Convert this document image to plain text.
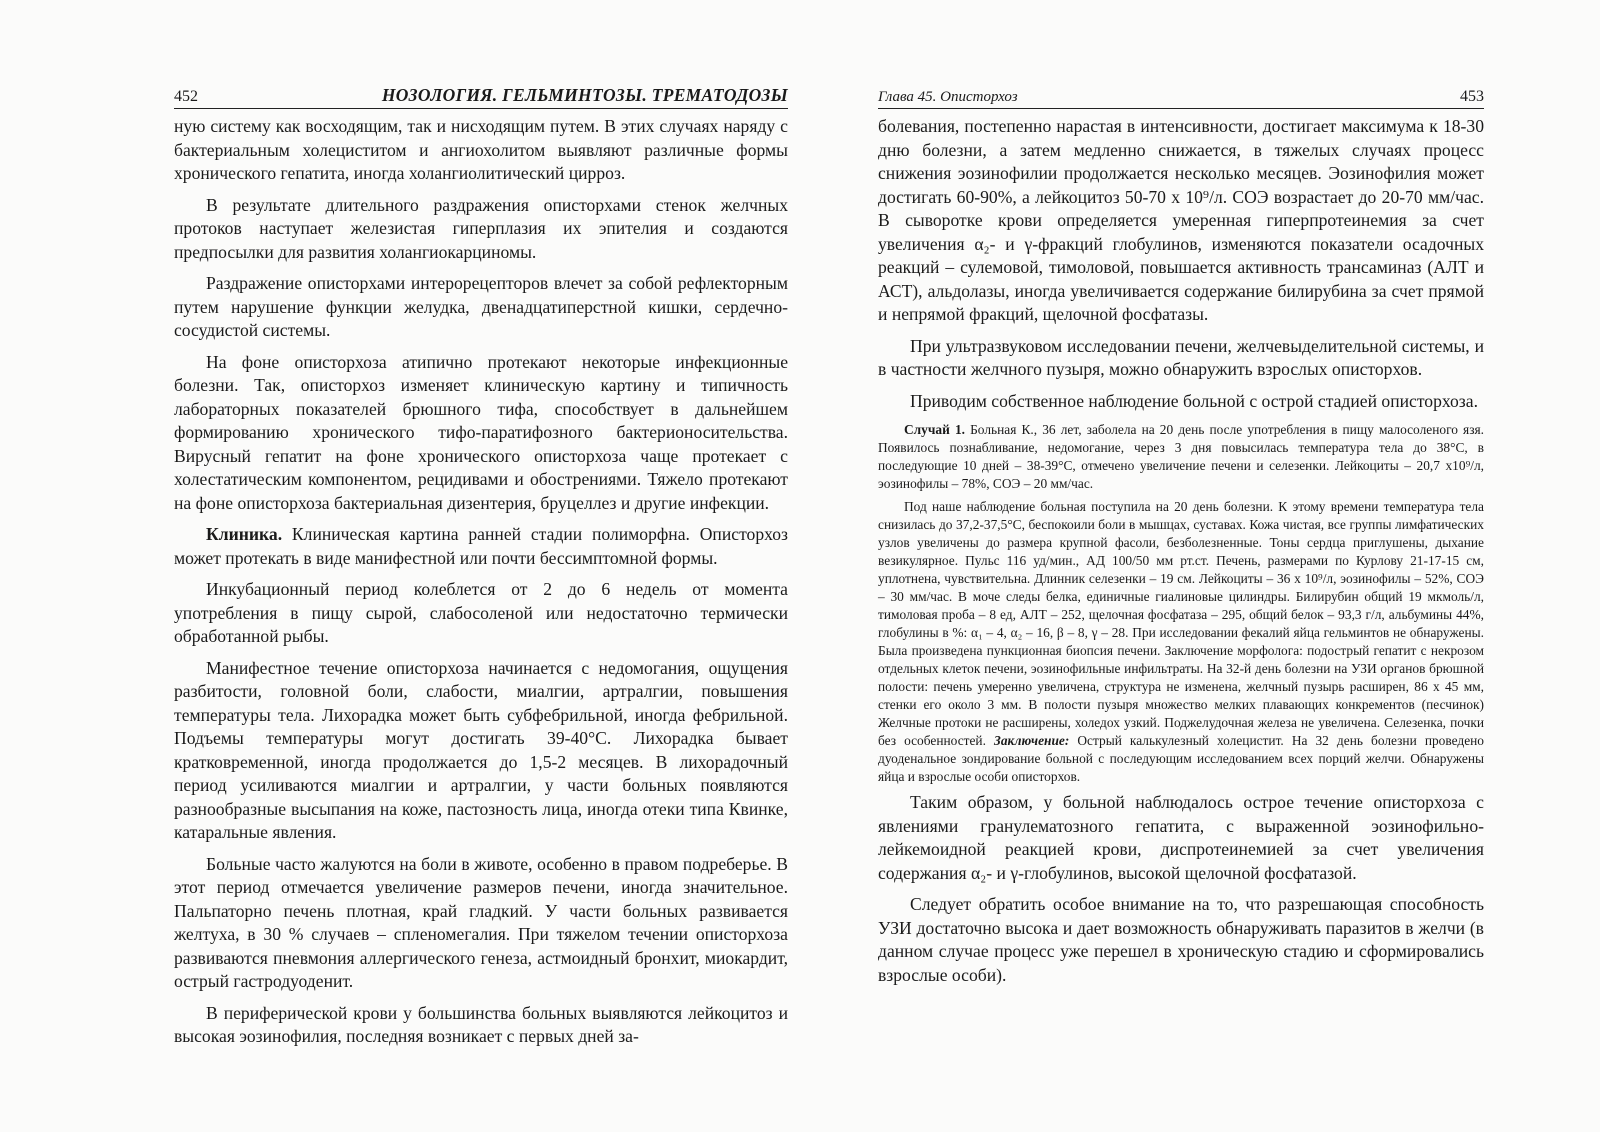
452	НОЗОЛОГИЯ. ГЕЛЬМИНТОЗЫ. ТРЕМАТОДОЗЫ

ную систему как восходящим, так и нисходящим путем. В этих случаях наряду с бактериальным холециститом и ангиохолитом выявляют различные формы хронического гепатита, иногда холангиолитический цирроз.

В результате длительного раздражения описторхами стенок желчных протоков наступает железистая гиперплазия их эпителия и создаются предпосылки для развития холангиокарциномы.

Раздражение описторхами интерорецепторов влечет за собой рефлекторным путем нарушение функции желудка, двенадцатиперстной кишки, сердечно-сосудистой системы.

На фоне описторхоза атипично протекают некоторые инфекционные болезни. Так, описторхоз изменяет клиническую картину и типичность лабораторных показателей брюшного тифа, способствует в дальнейшем формированию хронического тифо-паратифозного бактерионосительства. Вирусный гепатит на фоне хронического описторхоза чаще протекает с холестатическим компонентом, рецидивами и обострениями. Тяжело протекают на фоне описторхоза бактериальная дизентерия, бруцеллез и другие инфекции.

Клиника. Клиническая картина ранней стадии полиморфна. Описторхоз может протекать в виде манифестной или почти бессимптомной формы.

Инкубационный период колеблется от 2 до 6 недель от момента употребления в пищу сырой, слабосоленой или недостаточно термически обработанной рыбы.

Манифестное течение описторхоза начинается с недомогания, ощущения разбитости, головной боли, слабости, миалгии, артралгии, повышения температуры тела. Лихорадка может быть субфебрильной, иногда фебрильной. Подъемы температуры могут достигать 39-40°С. Лихорадка бывает кратковременной, иногда продолжается до 1,5-2 месяцев. В лихорадочный период усиливаются миалгии и артралгии, у части больных появляются разнообразные высыпания на коже, пастозность лица, иногда отеки типа Квинке, катаральные явления.

Больные часто жалуются на боли в животе, особенно в правом подреберье. В этот период отмечается увеличение размеров печени, иногда значительное. Пальпаторно печень плотная, край гладкий. У части больных развивается желтуха, в 30 % случаев – спленомегалия. При тяжелом течении описторхоза развиваются пневмония аллергического генеза, астмоидный бронхит, миокардит, острый гастродуоденит.

В периферической крови у большинства больных выявляются лейкоцитоз и высокая эозинофилия, последняя возникает с первых дней за-

Глава 45. Описторхоз	453

болевания, постепенно нарастая в интенсивности, достигает максимума к 18-30 дню болезни, а затем медленно снижается, в тяжелых случаях процесс снижения эозинофилии продолжается несколько месяцев. Эозинофилия может достигать 60-90%, а лейкоцитоз 50-70 х 10⁹/л. СОЭ возрастает до 20-70 мм/час. В сыворотке крови определяется умеренная гиперпротеинемия за счет увеличения α₂- и γ-фракций глобулинов, изменяются показатели осадочных реакций – сулемовой, тимоловой, повышается активность трансаминаз (АЛТ и АСТ), альдолазы, иногда увеличивается содержание билирубина за счет прямой и непрямой фракций, щелочной фосфатазы.

При ультразвуковом исследовании печени, желчевыделительной системы, и в частности желчного пузыря, можно обнаружить взрослых описторхов.

Приводим собственное наблюдение больной с острой стадией описторхоза.

Случай 1. Больная К., 36 лет, заболела на 20 день после употребления в пищу малосоленого язя. Появилось познабливание, недомогание, через 3 дня повысилась температура тела до 38°С, в последующие 10 дней – 38-39°С, отмечено увеличение печени и селезенки. Лейкоциты – 20,7 х10⁹/л, эозинофилы – 78%, СОЭ – 20 мм/час.

Под наше наблюдение больная поступила на 20 день болезни. К этому времени температура тела снизилась до 37,2-37,5°С, беспокоили боли в мышцах, суставах. Кожа чистая, все группы лимфатических узлов увеличены до размера крупной фасоли, безболезненные. Тоны сердца приглушены, дыхание везикулярное. Пульс 116 уд/мин., АД 100/50 мм рт.ст. Печень, размерами по Курлову 21-17-15 см, уплотнена, чувствительна. Длинник селезенки – 19 см. Лейкоциты – 36 х 10⁹/л, эозинофилы – 52%, СОЭ – 30 мм/час. В моче следы белка, единичные гиалиновые цилиндры. Билирубин общий 19 мкмоль/л, тимоловая проба – 8 ед, АЛТ – 252, щелочная фосфатаза – 295, общий белок – 93,3 г/л, альбумины 44%, глобулины в %: α₁ – 4, α₂ – 16, β – 8, γ – 28. При исследовании фекалий яйца гельминтов не обнаружены. Была произведена пункционная биопсия печени. Заключение морфолога: подострый гепатит с некрозом отдельных клеток печени, эозинофильные инфильтраты. На 32-й день болезни на УЗИ органов брюшной полости: печень умеренно увеличена, структура не изменена, желчный пузырь расширен, 86 х 45 мм, стенки его около 3 мм. В полости пузыря множество мелких плавающих конкрементов (песчинок) Желчные протоки не расширены, холедох узкий. Поджелудочная железа не увеличена. Селезенка, почки без особенностей. Заключение: Острый калькулезный холецистит. На 32 день болезни проведено дуоденальное зондирование больной с последующим исследованием всех порций желчи. Обнаружены яйца и взрослые особи описторхов.

Таким образом, у больной наблюдалось острое течение описторхоза с явлениями гранулематозного гепатита, с выраженной эозинофильно-лейкемоидной реакцией крови, диспротеинемией за счет увеличения содержания α₂- и γ-глобулинов, высокой щелочной фосфатазой.

Следует обратить особое внимание на то, что разрешающая способность УЗИ достаточно высока и дает возможность обнаруживать паразитов в желчи (в данном случае процесс уже перешел в хроническую стадию и сформировались взрослые особи).
